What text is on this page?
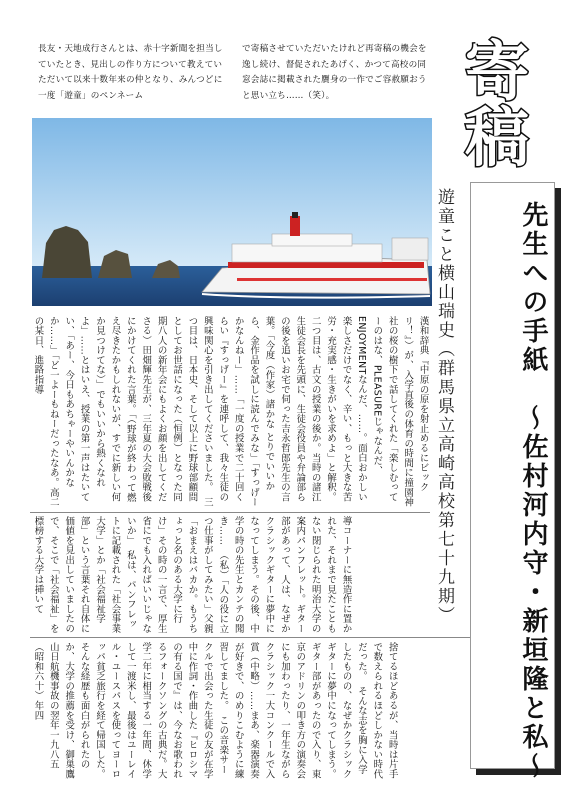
長友・天地成行さんとは、赤十字新聞を担当していたとき、見出しの作り方について教えていただいて以来十数年来の仲となり、みんつどに一度「遊童」のペンネーム

で寄稿させていただいたけれど再寄稿の機会を逸し続け、督促されたあげく、かつて高校の同窓会誌に掲載された贋身の一作でご容赦願おうと思い立ち……（笑）。	寄
稿
遊童こと横山瑞史（群馬県立高崎高校第七十九期） 先生への手紙　〜佐村河内守・新垣隆と私〜
漢和辞典『中原の原を射止めるにビックリ！』）が、入学直後の体育の時間に撞園神社の桜の樹下で話してくれた「楽しむってーのはな、PLEASUREじゃなんだ、ENJOYMENTなんだ、……。面白おかしい楽しさだけでなく、辛い、もっと大きな苦労・充実感・生きがいを求めよ」と解釈。　二つ目は、古文の授業の後か。当時の諸江生徒会長を先頭に、生徒会役員や弁論部らの後を追いお宅で伺った吉永哲郎先生の言葉。「今度（作家）諸かな とりでいいから、金作品を試しに読んでみな」「すっげーかなんねー」……「一度の授業で二十回くらい『すっげー』を連呼して、我々生徒の興味関心を引き出してくださいました。　三つ目は、日本史、そして以上に野球部顧問としてお世話になった（恒例）となった同期八人の新年会にもよくお顔を出してくださる）田畑輝先生が、三年夏の大会敗戦後にかけてくれた言葉。「（野球が終わって燃え尽きたかもしれないが、すでに新しい何か見つけてな）」でもいいから熱くなれよ」……とはいえ、授業の第一声はたいてい、「あー、今日もあちゃーやいんかなか……」「ど一よーもねーだったなあ。高二の某日、進路指導
導コーナーに無造作に置かれた、それまで見たこともない閉じられた明治大学の案内パンフレット。ギター部があって、人は、なぜかクラシックギターに夢中になってしまう。その後、中学の時の先生とカンテの聞き……　（私）「人の役に立つ仕事がしてみたい」父親「おまえはバカか。もうちょっと名のある大学に行け」その時の一言で、厚生省にでも入ればいいじゃないか」　私は、パンフレットに記載された「社会事業大学」とか「社会福祉学部」という言葉それ自体に価値を見出していましたので、そこで「社会福祉」を標榜する大学は挿いて
捨てるほどあるが、当時は片手で数えられるほどしかない時代だった。　そんな志を胸に入学したものの、なぜかクラシックギターに夢中になってしまう。ギター部があったので入り、東京のアドリンの叩き方の演奏会にも加わったり、一年生ながらクラシック一大コンクールで入賞（中略）……まあ、楽器演奏が好きで、のめりこむように練習してました。　この音楽サークルで出会った生徒の友が在学中に作詞・作曲した『ヒロシマの有る国で』は、今なお歌われるフォークソングの古典だ。大学二年に相当する一年間、休学して一渡米し、最後はユーレイル・ユースパスを使ってヨーロッパ貧乏旅行を経て帰国した。そんな経歴も面白がられたのか、大学の推薦を受け、御巣鷹山日航機事故の翌年一九八五（昭和六十）年四
